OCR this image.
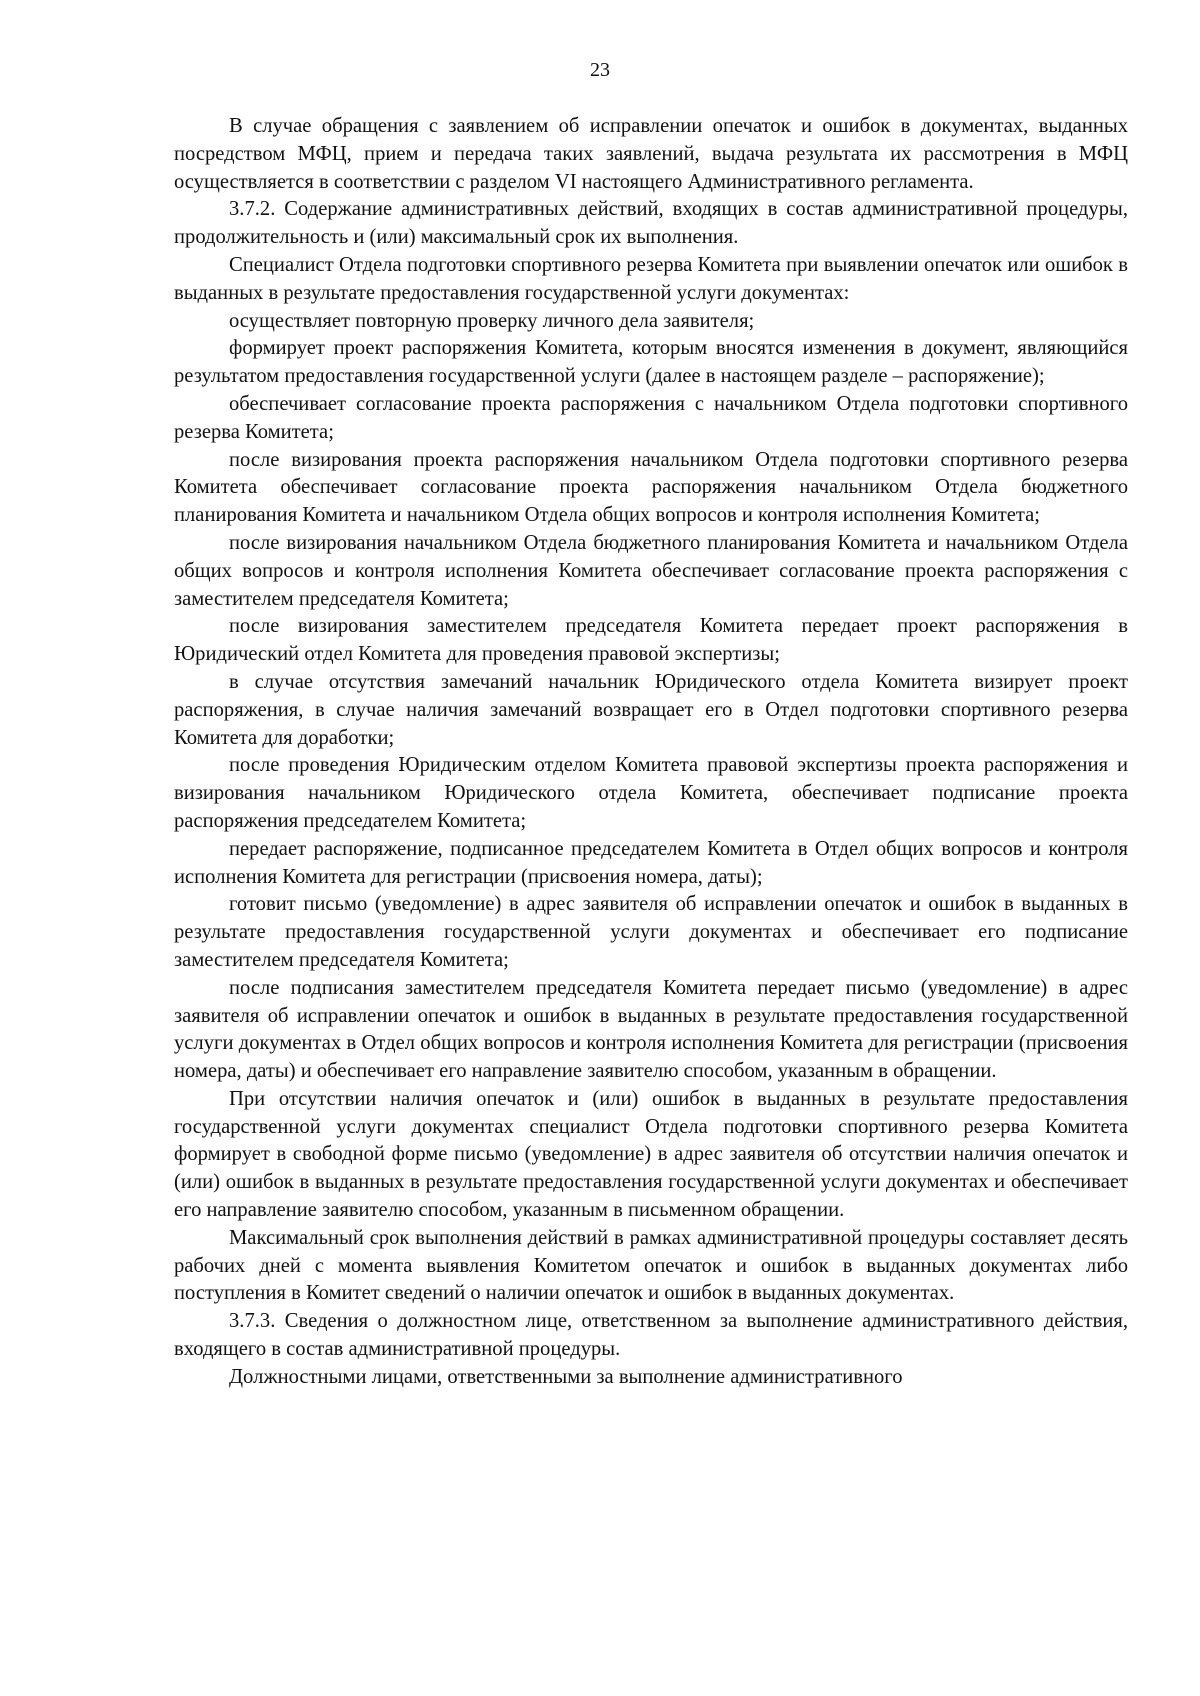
23

В случае обращения с заявлением об исправлении опечаток и ошибок в документах, выданных посредством МФЦ, прием и передача таких заявлений, выдача результата их рассмотрения в МФЦ осуществляется в соответствии с разделом VI настоящего Административного регламента.

3.7.2. Содержание административных действий, входящих в состав административной процедуры, продолжительность и (или) максимальный срок их выполнения.

Специалист Отдела подготовки спортивного резерва Комитета при выявлении опечаток или ошибок в выданных в результате предоставления государственной услуги документах:

осуществляет повторную проверку личного дела заявителя;

формирует проект распоряжения Комитета, которым вносятся изменения в документ, являющийся результатом предоставления государственной услуги (далее в настоящем разделе – распоряжение);

обеспечивает согласование проекта распоряжения с начальником Отдела подготовки спортивного резерва Комитета;

после визирования проекта распоряжения начальником Отдела подготовки спортивного резерва Комитета обеспечивает согласование проекта распоряжения начальником Отдела бюджетного планирования Комитета и начальником Отдела общих вопросов и контроля исполнения Комитета;

после визирования начальником Отдела бюджетного планирования Комитета и начальником Отдела общих вопросов и контроля исполнения Комитета обеспечивает согласование проекта распоряжения с заместителем председателя Комитета;

после визирования заместителем председателя Комитета передает проект распоряжения в Юридический отдел Комитета для проведения правовой экспертизы;

в случае отсутствия замечаний начальник Юридического отдела Комитета визирует проект распоряжения, в случае наличия замечаний возвращает его в Отдел подготовки спортивного резерва Комитета для доработки;

после проведения Юридическим отделом Комитета правовой экспертизы проекта распоряжения и визирования начальником Юридического отдела Комитета, обеспечивает подписание проекта распоряжения председателем Комитета;

передает распоряжение, подписанное председателем Комитета в Отдел общих вопросов и контроля исполнения Комитета для регистрации (присвоения номера, даты);

готовит письмо (уведомление) в адрес заявителя об исправлении опечаток и ошибок в выданных в результате предоставления государственной услуги документах и обеспечивает его подписание заместителем председателя Комитета;

после подписания заместителем председателя Комитета передает письмо (уведомление) в адрес заявителя об исправлении опечаток и ошибок в выданных в результате предоставления государственной услуги документах в Отдел общих вопросов и контроля исполнения Комитета для регистрации (присвоения номера, даты) и обеспечивает его направление заявителю способом, указанным в обращении.

При отсутствии наличия опечаток и (или) ошибок в выданных в результате предоставления государственной услуги документах специалист Отдела подготовки спортивного резерва Комитета формирует в свободной форме письмо (уведомление) в адрес заявителя об отсутствии наличия опечаток и (или) ошибок в выданных в результате предоставления государственной услуги документах и обеспечивает его направление заявителю способом, указанным в письменном обращении.

Максимальный срок выполнения действий в рамках административной процедуры составляет десять рабочих дней с момента выявления Комитетом опечаток и ошибок в выданных документах либо поступления в Комитет сведений о наличии опечаток и ошибок в выданных документах.

3.7.3. Сведения о должностном лице, ответственном за выполнение административного действия, входящего в состав административной процедуры.

Должностными лицами, ответственными за выполнение административного
